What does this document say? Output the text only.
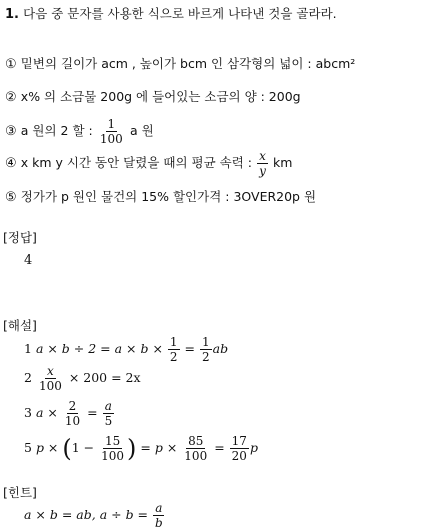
1. 다음 중 문자를 사용한 식으로 바르게 나타낸 것을 골라라.
① 밑변의 길이가 acm , 높이가 bcm 인 삼각형의 넓이 : abcm²
② x% 의 소금물 200g 에 들어있는 소금의 양 : 200g
③ a 원의 2 할 : $\frac{1}{100}$ a 원
④ x km y 시간 동안 달렸을 때의 평균 속력 : $\frac{x}{y}$ km
⑤ 정가가 p 원인 물건의 15% 할인가격 : 3OVER20p 원
[정답]
4
[해설]
1 $a \times b \div 2 = a \times b \times \frac{1}{2} = \frac{1}{2}$ ab
$2 \frac{x}{100} \times 200 = 2x$
3 $a \times \frac{2}{10} = \frac{a}{5}$
5 $p \times (1 - \frac{15}{100}$ ) = $p \times \frac{85}{100} = \frac{17}{20}$ p
[힌트]
a × b = ab, $a \div b = \frac{a}{b}$
